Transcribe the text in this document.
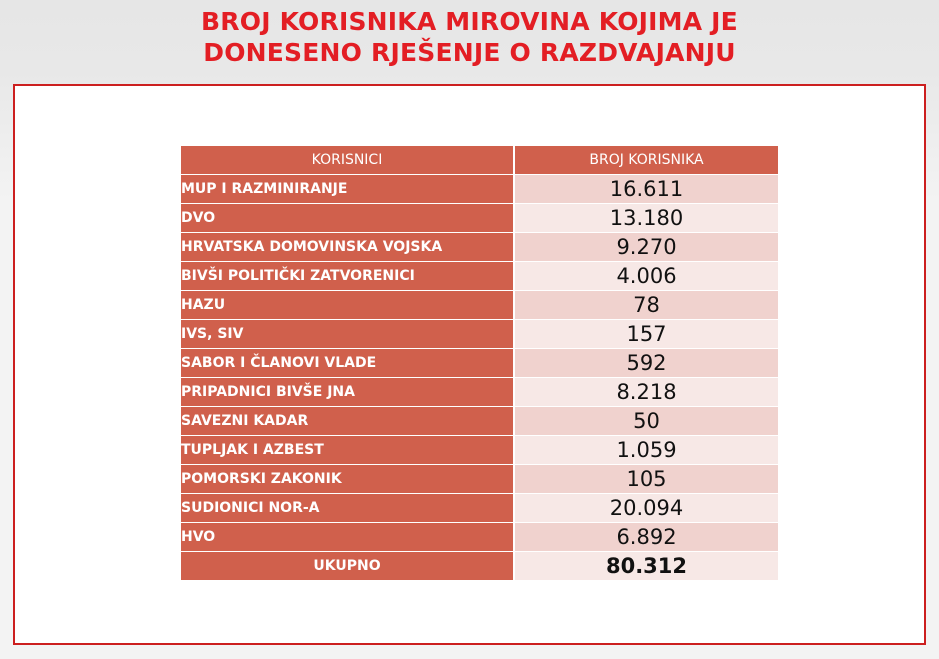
BROJ KORISNIKA MIROVINA KOJIMA JE
DONESENO RJEŠENJE O RAZDVAJANJU
KORISNICI	BROJ KORISNIKA
MUP I RAZMINIRANJE	16.611
DVO	13.180
HRVATSKA DOMOVINSKA VOJSKA	9.270
BIVŠI POLITIČKI ZATVORENICI	4.006
HAZU	78
IVS, SIV	157
SABOR I ČLANOVI VLADE	592
PRIPADNICI BIVŠE JNA	8.218
SAVEZNI KADAR	50
TUPLJAK I AZBEST	1.059
POMORSKI ZAKONIK	105
SUDIONICI NOR-A	20.094
HVO	6.892
UKUPNO	80.312
